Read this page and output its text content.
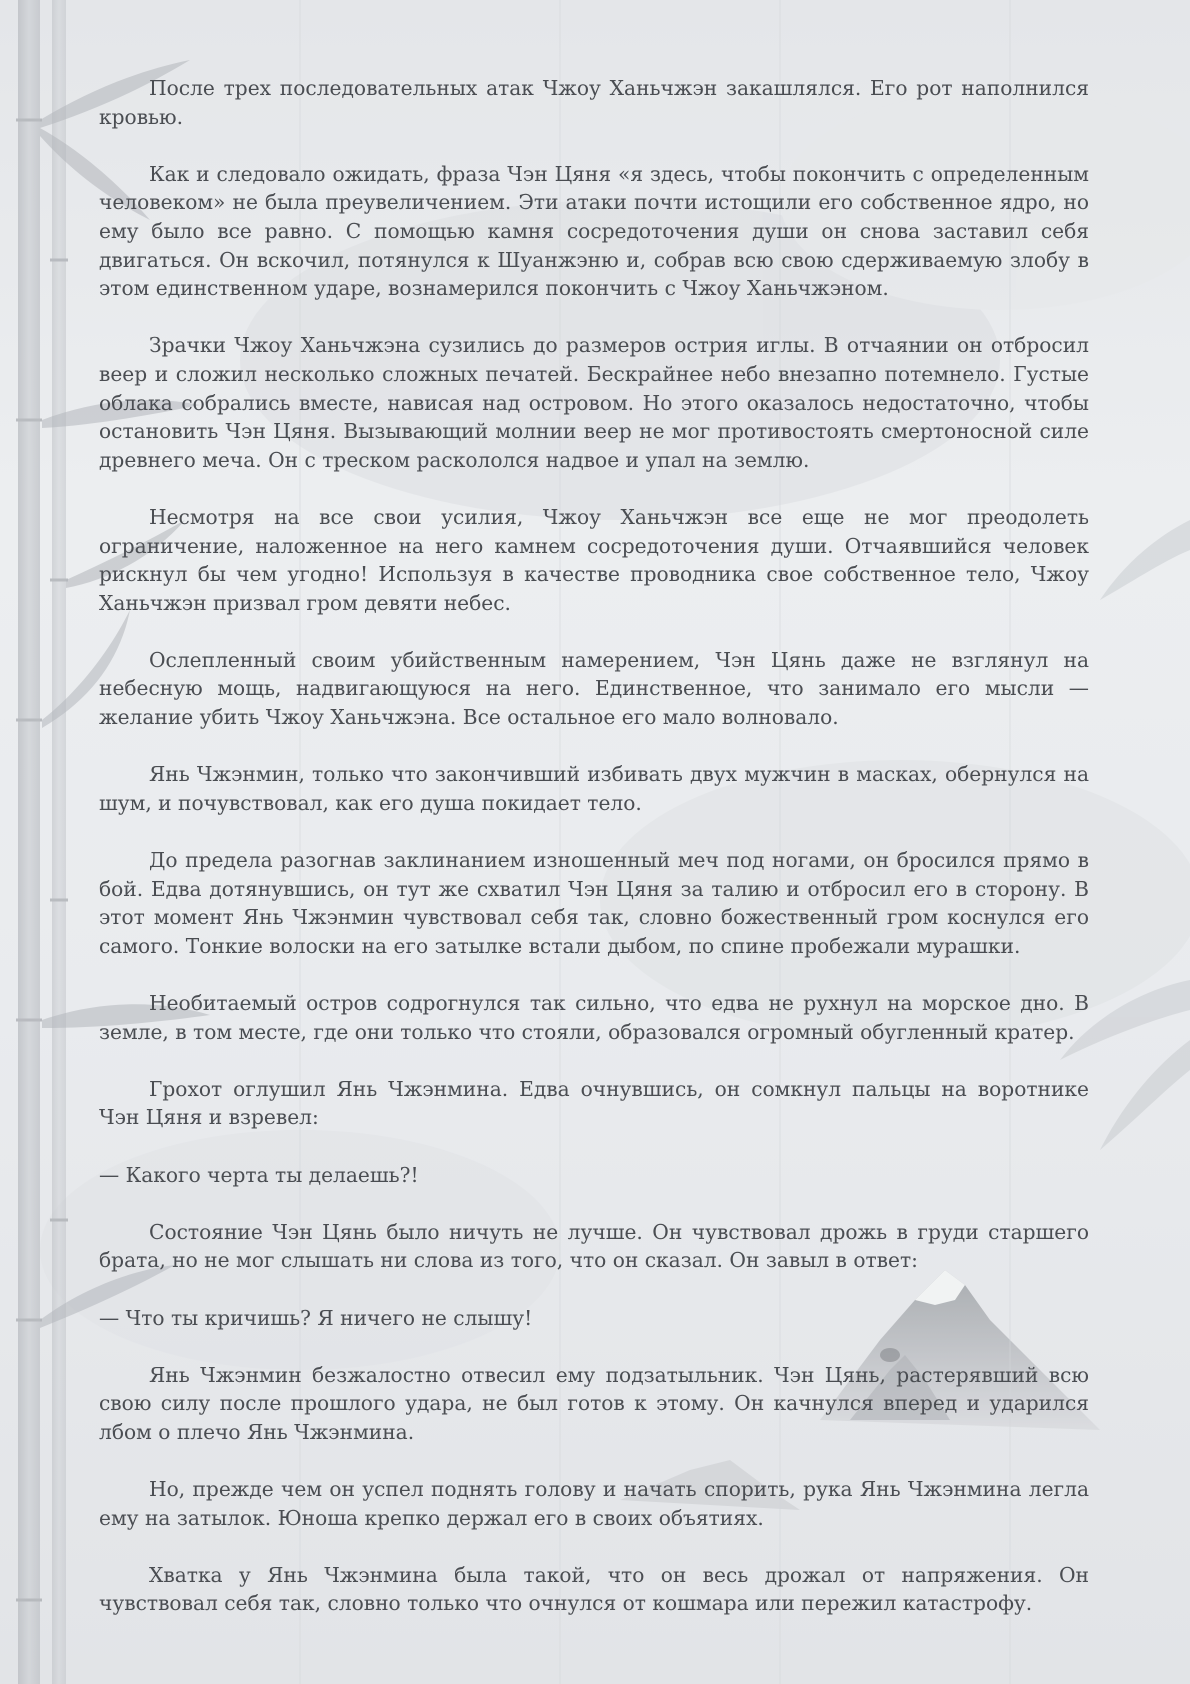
После трех последовательных атак Чжоу Ханьчжэн закашлялся. Его рот наполнился кровью.

Как и следовало ожидать, фраза Чэн Цяня «я здесь, чтобы покончить с определенным человеком» не была преувеличением. Эти атаки почти истощили его собственное ядро, но ему было все равно. С помощью камня сосредоточения души он снова заставил себя двигаться. Он вскочил, потянулся к Шуанжэню и, собрав всю свою сдерживаемую злобу в этом единственном ударе, вознамерился покончить с Чжоу Ханьчжэном.

Зрачки Чжоу Ханьчжэна сузились до размеров острия иглы. В отчаянии он отбросил веер и сложил несколько сложных печатей. Бескрайнее небо внезапно потемнело. Густые облака собрались вместе, нависая над островом. Но этого оказалось недостаточно, чтобы остановить Чэн Цяня. Вызывающий молнии веер не мог противостоять смертоносной силе древнего меча. Он с треском раскололся надвое и упал на землю.

Несмотря на все свои усилия, Чжоу Ханьчжэн все еще не мог преодолеть ограничение, наложенное на него камнем сосредоточения души. Отчаявшийся человек рискнул бы чем угодно! Используя в качестве проводника свое собственное тело, Чжоу Ханьчжэн призвал гром девяти небес.

Ослепленный своим убийственным намерением, Чэн Цянь даже не взглянул на небесную мощь, надвигающуюся на него. Единственное, что занимало его мысли — желание убить Чжоу Ханьчжэна. Все остальное его мало волновало.

Янь Чжэнмин, только что закончивший избивать двух мужчин в масках, обернулся на шум, и почувствовал, как его душа покидает тело.

До предела разогнав заклинанием изношенный меч под ногами, он бросился прямо в бой. Едва дотянувшись, он тут же схватил Чэн Цяня за талию и отбросил его в сторону. В этот момент Янь Чжэнмин чувствовал себя так, словно божественный гром коснулся его самого. Тонкие волоски на его затылке встали дыбом, по спине пробежали мурашки.

Необитаемый остров содрогнулся так сильно, что едва не рухнул на морское дно. В земле, в том месте, где они только что стояли, образовался огромный обугленный кратер.

Грохот оглушил Янь Чжэнмина. Едва очнувшись, он сомкнул пальцы на воротнике Чэн Цяня и взревел:

— Какого черта ты делаешь?!

Состояние Чэн Цянь было ничуть не лучше. Он чувствовал дрожь в груди старшего брата, но не мог слышать ни слова из того, что он сказал. Он завыл в ответ:

— Что ты кричишь? Я ничего не слышу!

Янь Чжэнмин безжалостно отвесил ему подзатыльник. Чэн Цянь, растерявший всю свою силу после прошлого удара, не был готов к этому. Он качнулся вперед и ударился лбом о плечо Янь Чжэнмина.

Но, прежде чем он успел поднять голову и начать спорить, рука Янь Чжэнмина легла ему на затылок. Юноша крепко держал его в своих объятиях.

Хватка у Янь Чжэнмина была такой, что он весь дрожал от напряжения. Он чувствовал себя так, словно только что очнулся от кошмара или пережил катастрофу.
